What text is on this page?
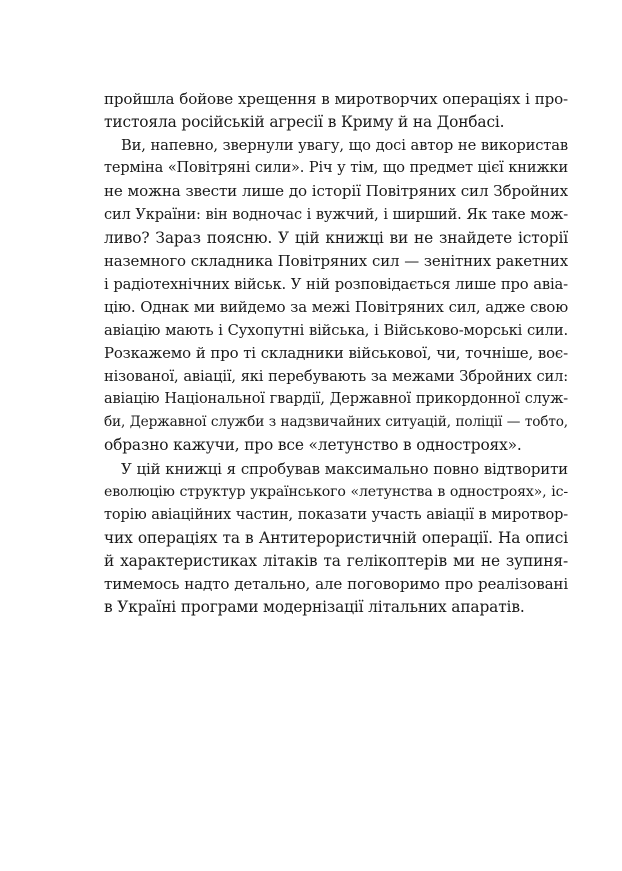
пройшла бойове хрещення в миротворчих операціях і про-
тистояла російській агресії в Криму й на Донбасі.
Ви, напевно, звернули увагу, що досі автор не використав
терміна «Повітряні сили». Річ у тім, що предмет цієї книжки
не можна звести лише до історії Повітряних сил Збройних
сил України: він водночас і вужчий, і ширший. Як таке мож-
ливо? Зараз поясню. У цій книжці ви не знайдете історії
наземного складника Повітряних сил — зенітних ракетних
і радіотехнічних військ. У ній розповідається лише про авіа-
цію. Однак ми вийдемо за межі Повітряних сил, адже свою
авіацію мають і Сухопутні війська, і Військово-морські сили.
Розкажемо й про ті складники військової, чи, точніше, воє-
нізованої, авіації, які перебувають за межами Збройних сил:
авіацію Національної гвардії, Державної прикордонної служ-
би, Державної служби з надзвичайних ситуацій, поліції — тобто,
образно кажучи, про все «летунство в одностроях».
У цій книжці я спробував максимально повно відтворити
еволюцію структур українського «летунства в одностроях», іс-
торію авіаційних частин, показати участь авіації в миротвор-
чих операціях та в Антитерористичній операції. На описі
й характеристиках літаків та гелікоптерів ми не зупиня-
тимемось надто детально, але поговоримо про реалізовані
в Україні програми модернізації літальних апаратів.
